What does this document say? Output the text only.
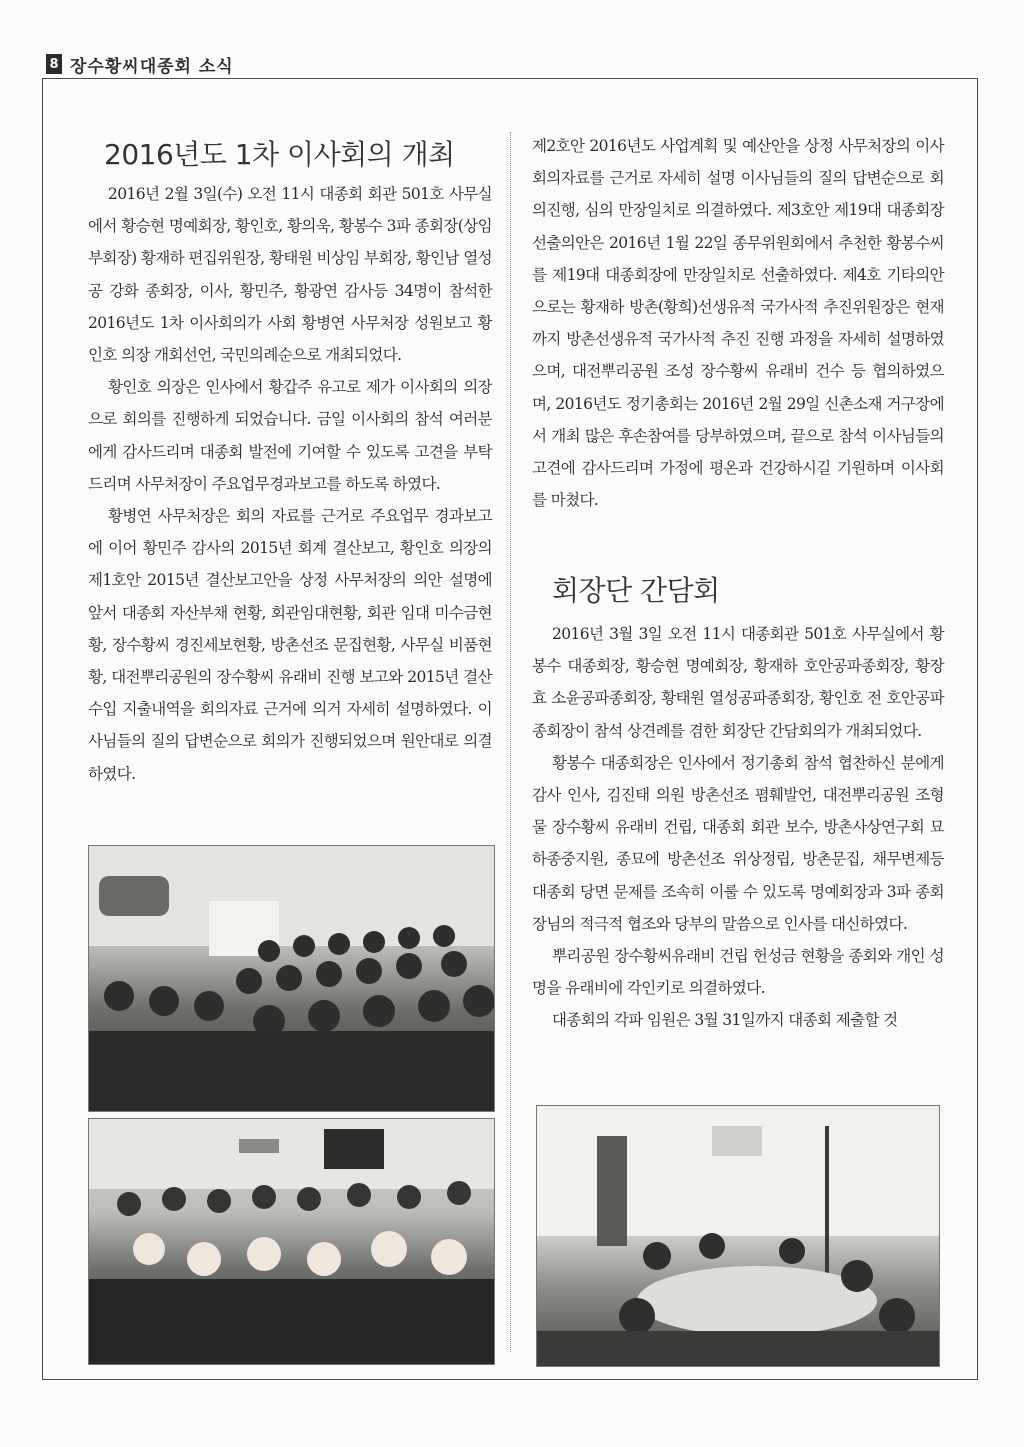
8 장수황씨대종회 소식
2016년도 1차 이사회의 개최

2016년 2월 3일(수) 오전 11시 대종회 회관 501호 사무실에서 황승현 명예회장, 황인호, 황의욱, 황봉수 3파 종회장(상임부회장) 황재하 편집위원장, 황태원 비상임 부회장, 황인남 열성공 강화 종회장, 이사, 황민주, 황광연 감사등 34명이 참석한 2016년도 1차 이사회의가 사회 황병연 사무처장 성원보고 황인호 의장 개회선언, 국민의례순으로 개최되었다.

황인호 의장은 인사에서 황갑주 유고로 제가 이사회의 의장으로 회의를 진행하게 되었습니다. 금일 이사회의 참석 여러분에게 감사드리며 대종회 발전에 기여할 수 있도록 고견을 부탁드리며 사무처장이 주요업무경과보고를 하도록 하였다.

황병연 사무처장은 회의 자료를 근거로 주요업무 경과보고에 이어 황민주 감사의 2015년 회계 결산보고, 황인호 의장의 제1호안 2015년 결산보고안을 상정 사무처장의 의안 설명에 앞서 대종회 자산부채 현황, 회관임대현황, 회관 임대 미수금현황, 장수황씨 경진세보현황, 방촌선조 문집현황, 사무실 비품현황, 대전뿌리공원의 장수황씨 유래비 진행 보고와 2015년 결산 수입 지출내역을 회의자료 근거에 의거 자세히 설명하였다. 이사님들의 질의 답변순으로 회의가 진행되었으며 원안대로 의결하였다.

제2호안 2016년도 사업계획 및 예산안을 상정 사무처장의 이사회의자료를 근거로 자세히 설명 이사님들의 질의 답변순으로 회의진행, 심의 만장일치로 의결하였다. 제3호안 제19대 대종회장 선출의안은 2016년 1월 22일 종무위원회에서 추천한 황봉수씨를 제19대 대종회장에 만장일치로 선출하였다. 제4호 기타의안으로는 황재하 방촌(황희)선생유적 국가사적 추진위원장은 현재까지 방촌선생유적 국가사적 추진 진행 과정을 자세히 설명하였으며, 대전뿌리공원 조성 장수황씨 유래비 건수 등 협의하였으며, 2016년도 정기총회는 2016년 2월 29일 신촌소재 거구장에서 개최 많은 후손참여를 당부하였으며, 끝으로 참석 이사님들의 고견에 감사드리며 가정에 평온과 건강하시길 기원하며 이사회를 마쳤다.

2016년 3월 3일 오전 11시 대종회관 501호 사무실에서 황봉수 대종회장, 황승현 명예회장, 황재하 호안공파종회장, 황장효 소윤공파종회장, 황태원 열성공파종회장, 황인호 전 호안공파종회장이 참석 상견례를 겸한 회장단 간담회의가 개최되었다.

황봉수 대종회장은 인사에서 정기총회 참석 협찬하신 분에게 감사 인사, 김진태 의원 방촌선조 폄훼발언, 대전뿌리공원 조형물 장수황씨 유래비 건립, 대종회 회관 보수, 방촌사상연구회 묘하종중지원, 종묘에 방촌선조 위상정립, 방촌문집, 채무변제등 대종회 당면 문제를 조속히 이룰 수 있도록 명예회장과 3파 종회장님의 적극적 협조와 당부의 말씀으로 인사를 대신하였다.

뿌리공원 장수황씨유래비 건립 헌성금 현황을 종회와 개인 성명을 유래비에 각인키로 의결하였다.

대종회의 각파 임원은 3월 31일까지 대종회 제출할 것

회장단 간담회
